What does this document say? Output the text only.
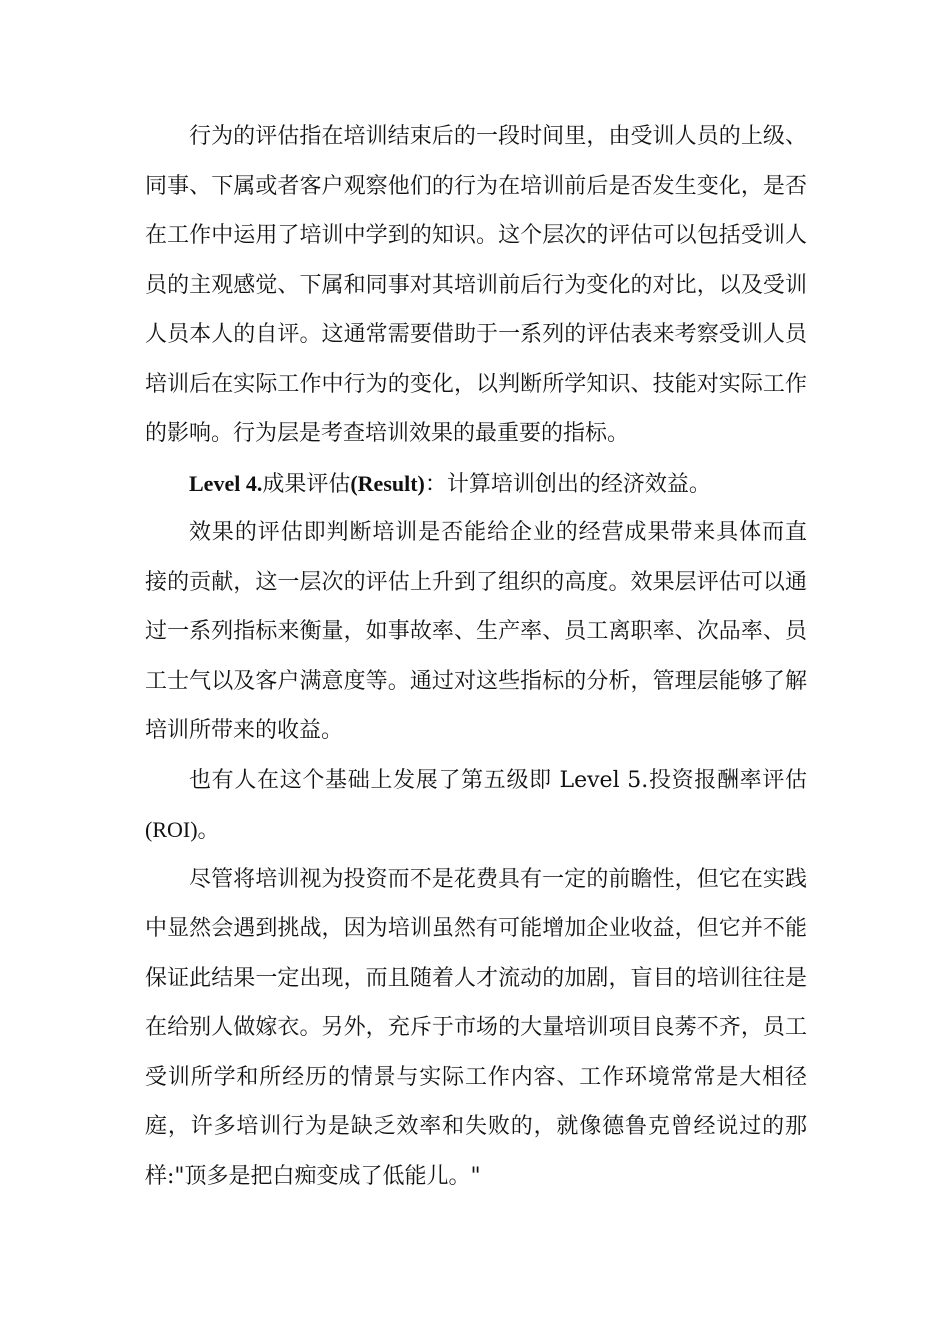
行为的评估指在培训结束后的一段时间里，由受训人员的上级、
同事、下属或者客户观察他们的行为在培训前后是否发生变化，是否
在工作中运用了培训中学到的知识。这个层次的评估可以包括受训人
员的主观感觉、下属和同事对其培训前后行为变化的对比，以及受训
人员本人的自评。这通常需要借助于一系列的评估表来考察受训人员
培训后在实际工作中行为的变化，以判断所学知识、技能对实际工作
的影响。行为层是考查培训效果的最重要的指标。
Level 4.成果评估(Result)：计算培训创出的经济效益。
效果的评估即判断培训是否能给企业的经营成果带来具体而直
接的贡献，这一层次的评估上升到了组织的高度。效果层评估可以通
过一系列指标来衡量，如事故率、生产率、员工离职率、次品率、员
工士气以及客户满意度等。通过对这些指标的分析，管理层能够了解
培训所带来的收益。
也有人在这个基础上发展了第五级即 Level 5.投资报酬率评估
(ROI)。
尽管将培训视为投资而不是花费具有一定的前瞻性，但它在实践
中显然会遇到挑战，因为培训虽然有可能增加企业收益，但它并不能
保证此结果一定出现，而且随着人才流动的加剧，盲目的培训往往是
在给别人做嫁衣。另外，充斥于市场的大量培训项目良莠不齐，员工
受训所学和所经历的情景与实际工作内容、工作环境常常是大相径
庭，许多培训行为是缺乏效率和失败的，就像德鲁克曾经说过的那
样:"顶多是把白痴变成了低能儿。"
